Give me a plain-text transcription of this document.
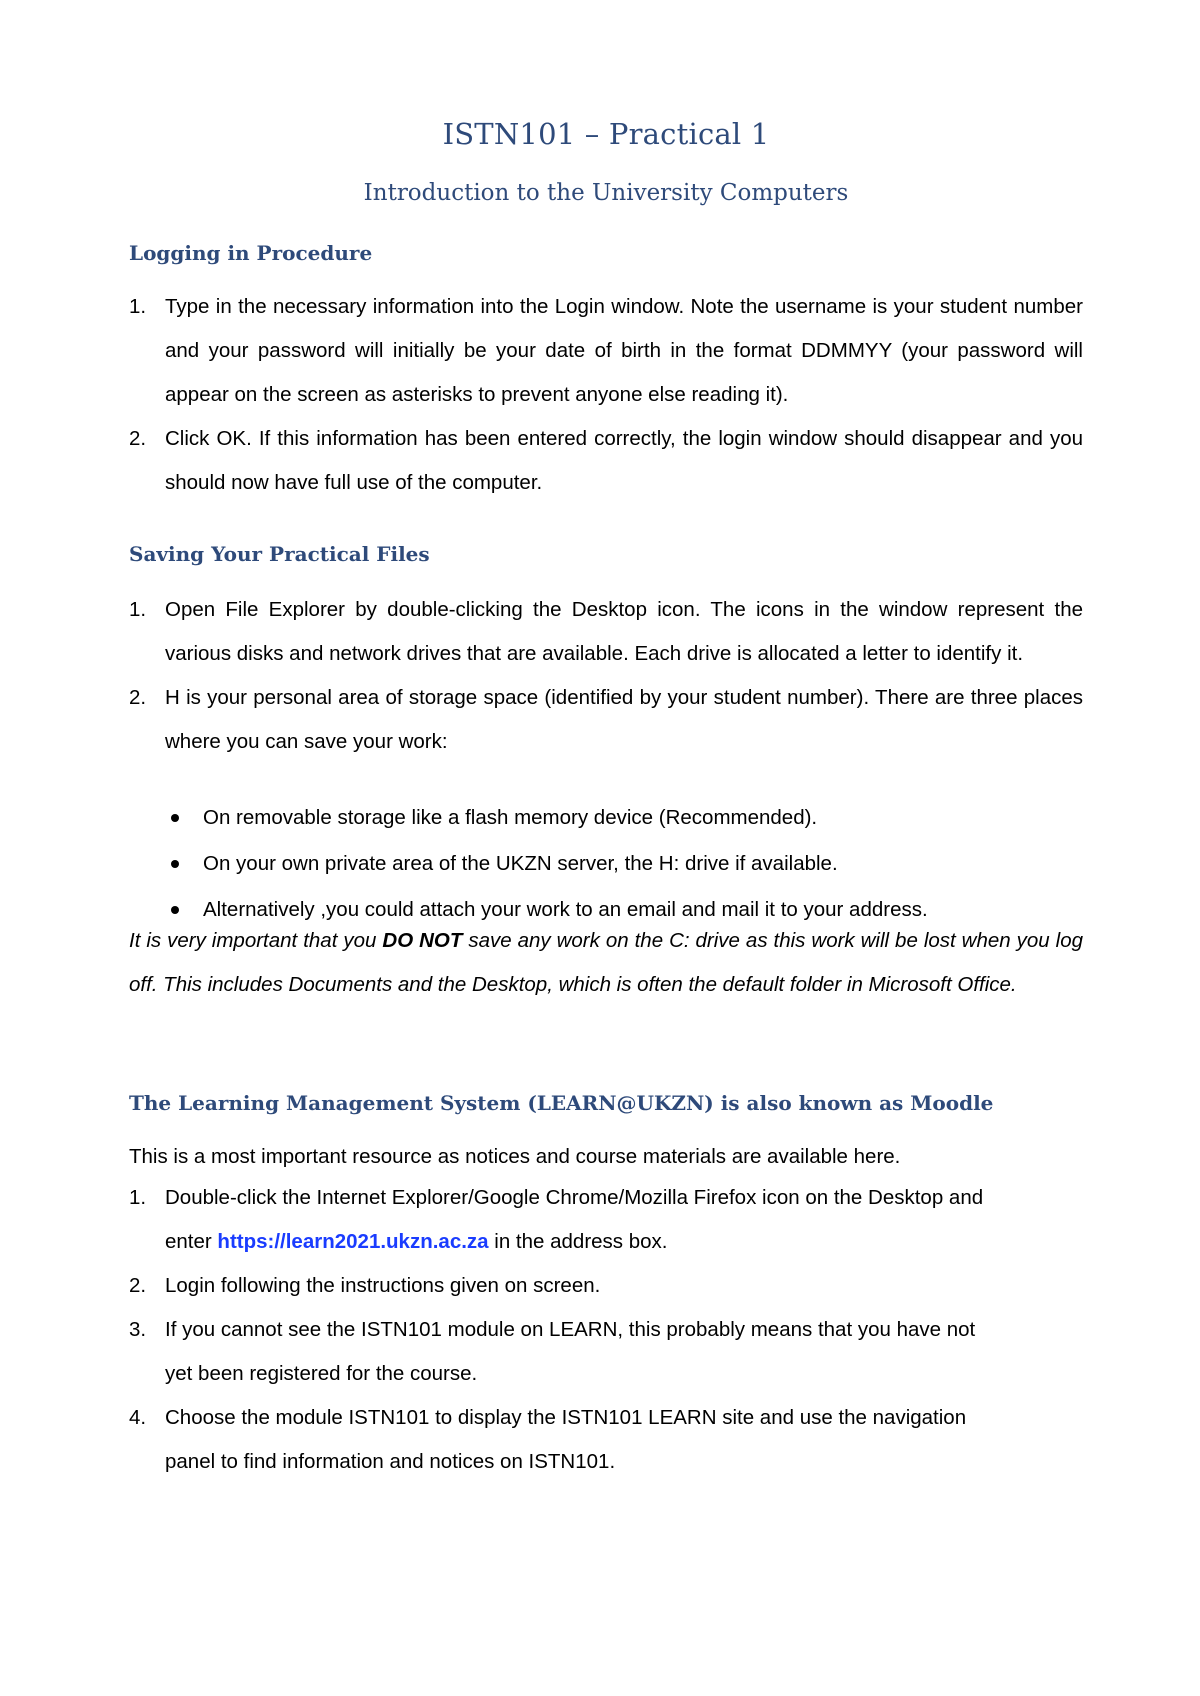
ISTN101 – Practical 1
Introduction to the University Computers
Logging in Procedure
1. Type in the necessary information into the Login window. Note the username is your student number and your password will initially be your date of birth in the format DDMMYY (your password will appear on the screen as asterisks to prevent anyone else reading it).
2. Click OK. If this information has been entered correctly, the login window should disappear and you should now have full use of the computer.
Saving Your Practical Files
1. Open File Explorer by double-clicking the Desktop icon. The icons in the window represent the various disks and network drives that are available. Each drive is allocated a letter to identify it.
2. H is your personal area of storage space (identified by your student number). There are three places where you can save your work:
On removable storage like a flash memory device (Recommended).
On your own private area of the UKZN server, the H: drive if available.
Alternatively ,you could attach your work to an email and mail it to your address.
It is very important that you DO NOT save any work on the C: drive as this work will be lost when you log off. This includes Documents and the Desktop, which is often the default folder in Microsoft Office.
The Learning Management System (LEARN@UKZN) is also known as Moodle
This is a most important resource as notices and course materials are available here.
1. Double-click the Internet Explorer/Google Chrome/Mozilla Firefox icon on the Desktop and enter https://learn2021.ukzn.ac.za in the address box.
2. Login following the instructions given on screen.
3. If you cannot see the ISTN101 module on LEARN, this probably means that you have not yet been registered for the course.
4. Choose the module ISTN101 to display the ISTN101 LEARN site and use the navigation panel to find information and notices on ISTN101.
